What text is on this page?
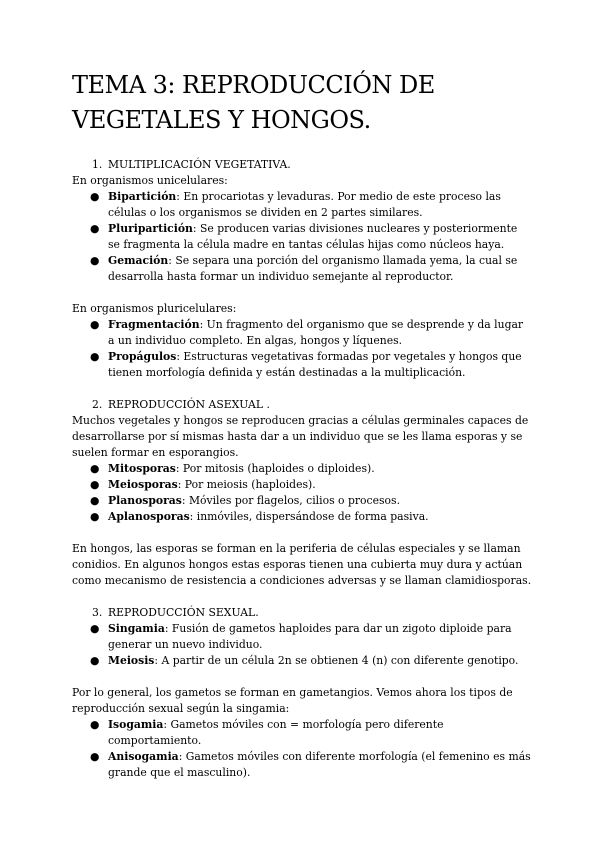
TEMA 3: REPRODUCCIÓN DE VEGETALES Y HONGOS.

1. MULTIPLICACIÓN VEGETATIVA.

En organismos unicelulares:

● Bipartición: En procariotas y levaduras. Por medio de este proceso las células o los organismos se dividen en 2 partes similares.
● Pluripartición: Se producen varias divisiones nucleares y posteriormente se fragmenta la célula madre en tantas células hijas como núcleos haya.
● Gemación: Se separa una porción del organismo llamada yema, la cual se desarrolla hasta formar un individuo semejante al reproductor.

En organismos pluricelulares:

● Fragmentación: Un fragmento del organismo que se desprende y da lugar a un individuo completo. En algas, hongos y líquenes.
● Propágulos: Estructuras vegetativas formadas por vegetales y hongos que tienen morfología definida y están destinadas a la multiplicación.

2. REPRODUCCIÓN ASEXUAL .

Muchos vegetales y hongos se reproducen gracias a células germinales capaces de desarrollarse por sí mismas hasta dar a un individuo que se les llama esporas y se suelen formar en esporangios.

● Mitosporas: Por mitosis (haploides o diploides).
● Meiosporas: Por meiosis (haploides).
● Planosporas: Móviles por flagelos, cilios o procesos.
● Aplanosporas: inmóviles, dispersándose de forma pasiva.

En hongos, las esporas se forman en la periferia de células especiales y se llaman conidios. En algunos hongos estas esporas tienen una cubierta muy dura y actúan como mecanismo de resistencia a condiciones adversas y se llaman clamidiosporas.

3. REPRODUCCIÓN SEXUAL.

● Singamia: Fusión de gametos haploides para dar un zigoto diploide para generar un nuevo individuo.
● Meiosis: A partir de un célula 2n se obtienen 4 (n) con diferente genotipo.

Por lo general, los gametos se forman en gametangios. Vemos ahora los tipos de reproducción sexual según la singamia:

● Isogamia: Gametos móviles con = morfología pero diferente comportamiento.
● Anisogamia: Gametos móviles con diferente morfología (el femenino es más grande que el masculino).
